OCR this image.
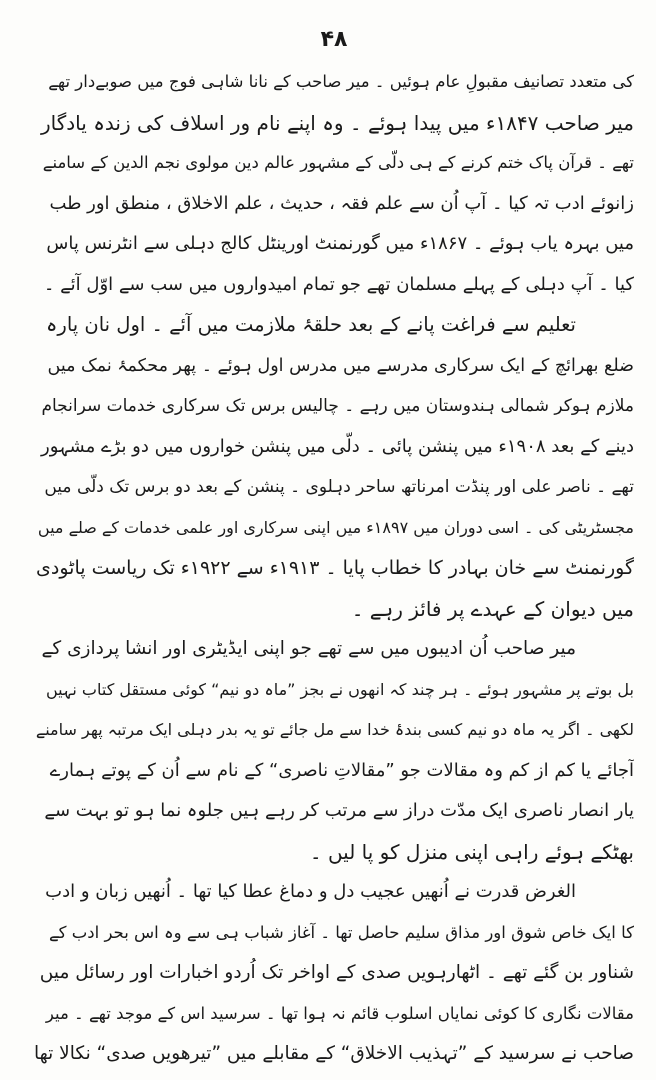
۴۸
کی متعدد تصانیف مقبولِ عام ہوئیں ۔ میر صاحب کے نانا شاہی فوج میں صوبےدار تھے
میر صاحب ۱۸۴۷ء میں پیدا ہوئے ۔ وہ اپنے نام ور اسلاف کی زندہ یادگار
تھے ۔ قرآن پاک ختم کرنے کے ہی دلّی کے مشہور عالم دین مولوی نجم الدین کے سامنے
زانوئے ادب تہ کیا ۔ آپ اُن سے علم فقہ ، حدیث ، علم الاخلاق ، منطق اور طب
میں بہرہ یاب ہوئے ۔ ۱۸۶۷ء میں گورنمنٹ اورینٹل کالج دہلی سے انٹرنس پاس
کیا ۔ آپ دہلی کے پہلے مسلمان تھے جو تمام امیدواروں میں سب سے اوّل آئے ۔
تعلیم سے فراغت پانے کے بعد حلقۂ ملازمت میں آئے ۔ اول نان پارہ
ضلع بھرائچ کے ایک سرکاری مدرسے میں مدرس اول ہوئے ۔ پھر محکمۂ نمک میں
ملازم ہوکر شمالی ہندوستان میں رہے ۔ چالیس برس تک سرکاری خدمات سرانجام
دینے کے بعد ۱۹۰۸ء میں پنشن پائی ۔ دلّی میں پنشن خواروں میں دو بڑے مشہور
تھے ۔ ناصر علی اور پنڈت امرناتھ ساحر دہلوی ۔ پنشن کے بعد دو برس تک دلّی میں
مجسٹریٹی کی ۔ اسی دوران میں ۱۸۹۷ء میں اپنی سرکاری اور علمی خدمات کے صلے میں
گورنمنٹ سے خان بہادر کا خطاب پایا ۔ ۱۹۱۳ء سے ۱۹۲۲ء تک ریاست پاٹودی
میں دیوان کے عہدے پر فائز رہے ۔
میر صاحب اُن ادیبوں میں سے تھے جو اپنی ایڈیٹری اور انشا پردازی کے
بل بوتے پر مشہور ہوئے ۔ ہر چند کہ انھوں نے بجز ”ماہ دو نیم“ کوئی مستقل کتاب نہیں
لکھی ۔ اگر یہ ماہ دو نیم کسی بندۂ خدا سے مل جائے تو یہ بدر دہلی ایک مرتبہ پھر سامنے
آجائے یا کم از کم وہ مقالات جو ”مقالاتِ ناصری“ کے نام سے اُن کے پوتے ہمارے
یار انصار ناصری ایک مدّت دراز سے مرتب کر رہے ہیں جلوہ نما ہو تو بہت سے
بھٹکے ہوئے راہی اپنی منزل کو پا لیں ۔
الغرض قدرت نے اُنھیں عجیب دل و دماغ عطا کیا تھا ۔ اُنھیں زبان و ادب
کا ایک خاص شوق اور مذاق سلیم حاصل تھا ۔ آغاز شباب ہی سے وہ اس بحر ادب کے
شناور بن گئے تھے ۔ اٹھارہویں صدی کے اواخر تک اُردو اخبارات اور رسائل میں
مقالات نگاری کا کوئی نمایاں اسلوب قائم نہ ہوا تھا ۔ سرسید اس کے موجد تھے ۔ میر
صاحب نے سرسید کے ”تہذیب الاخلاق“ کے مقابلے میں ”تیرھویں صدی“ نکالا تھا
